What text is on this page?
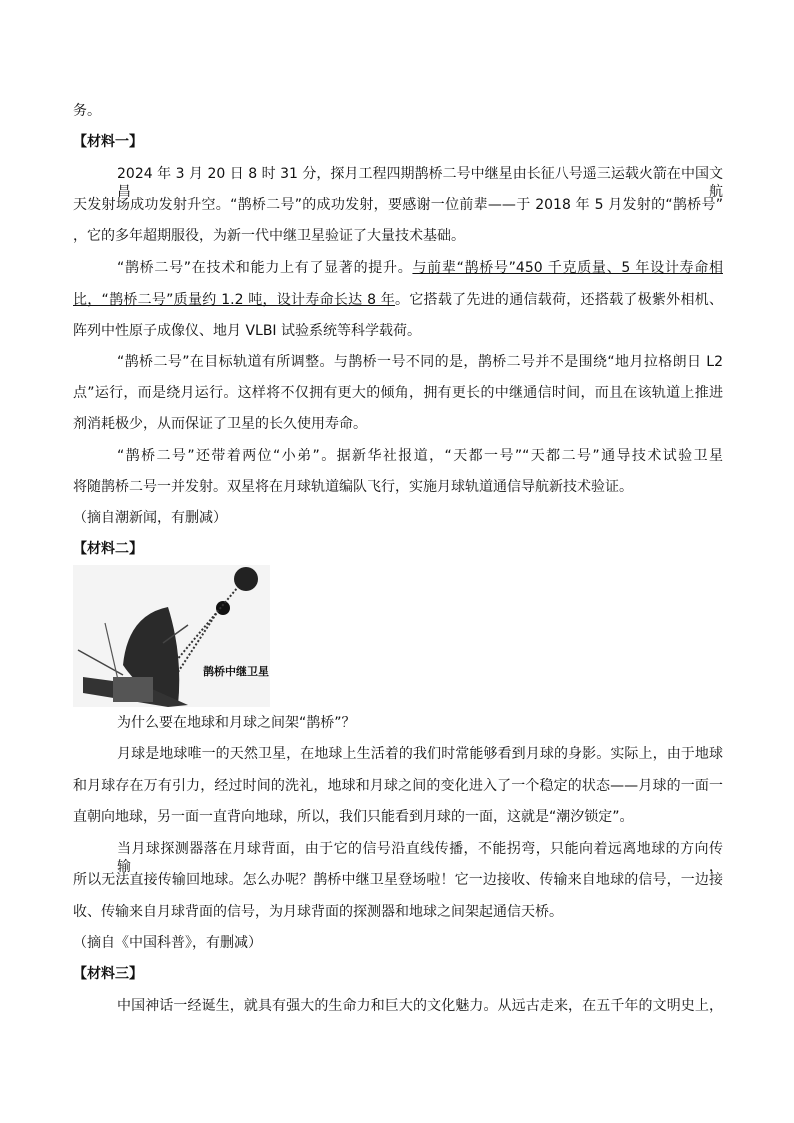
务。
【材料一】
2024 年 3 月 20 日 8 时 31 分，探月工程四期鹊桥二号中继星由长征八号遥三运载火箭在中国文昌航
天发射场成功发射升空。“鹊桥二号”的成功发射，要感谢一位前辈——于 2018 年 5 月发射的“鹊桥号”
，它的多年超期服役，为新一代中继卫星验证了大量技术基础。
“鹊桥二号”在技术和能力上有了显著的提升。与前辈“鹊桥号”450 千克质量、5 年设计寿命相
比，“鹊桥二号”质量约 1.2 吨，设计寿命长达 8 年。它搭载了先进的通信载荷，还搭载了极紫外相机、
阵列中性原子成像仪、地月 VLBI 试验系统等科学载荷。
“鹊桥二号”在目标轨道有所调整。与鹊桥一号不同的是，鹊桥二号并不是围绕“地月拉格朗日 L2
点”运行，而是绕月运行。这样将不仅拥有更大的倾角，拥有更长的中继通信时间，而且在该轨道上推进
剂消耗极少，从而保证了卫星的长久使用寿命。
“鹊桥二号”还带着两位“小弟”。据新华社报道，“天都一号”“天都二号”通导技术试验卫星
将随鹊桥二号一并发射。双星将在月球轨道编队飞行，实施月球轨道通信导航新技术验证。
（摘自潮新闻，有删减）
【材料二】
鹊桥中继卫星
为什么要在地球和月球之间架“鹊桥”？
月球是地球唯一的天然卫星，在地球上生活着的我们时常能够看到月球的身影。实际上，由于地球
和月球存在万有引力，经过时间的洗礼，地球和月球之间的变化进入了一个稳定的状态——月球的一面一
直朝向地球，另一面一直背向地球，所以，我们只能看到月球的一面，这就是“潮汐锁定”。
当月球探测器落在月球背面，由于它的信号沿直线传播，不能拐弯，只能向着远离地球的方向传输，
所以无法直接传输回地球。怎么办呢？鹊桥中继卫星登场啦！它一边接收、传输来自地球的信号，一边接
收、传输来自月球背面的信号，为月球背面的探测器和地球之间架起通信天桥。
（摘自《中国科普》，有删减）
【材料三】
中国神话一经诞生，就具有强大的生命力和巨大的文化魅力。从远古走来，在五千年的文明史上，
